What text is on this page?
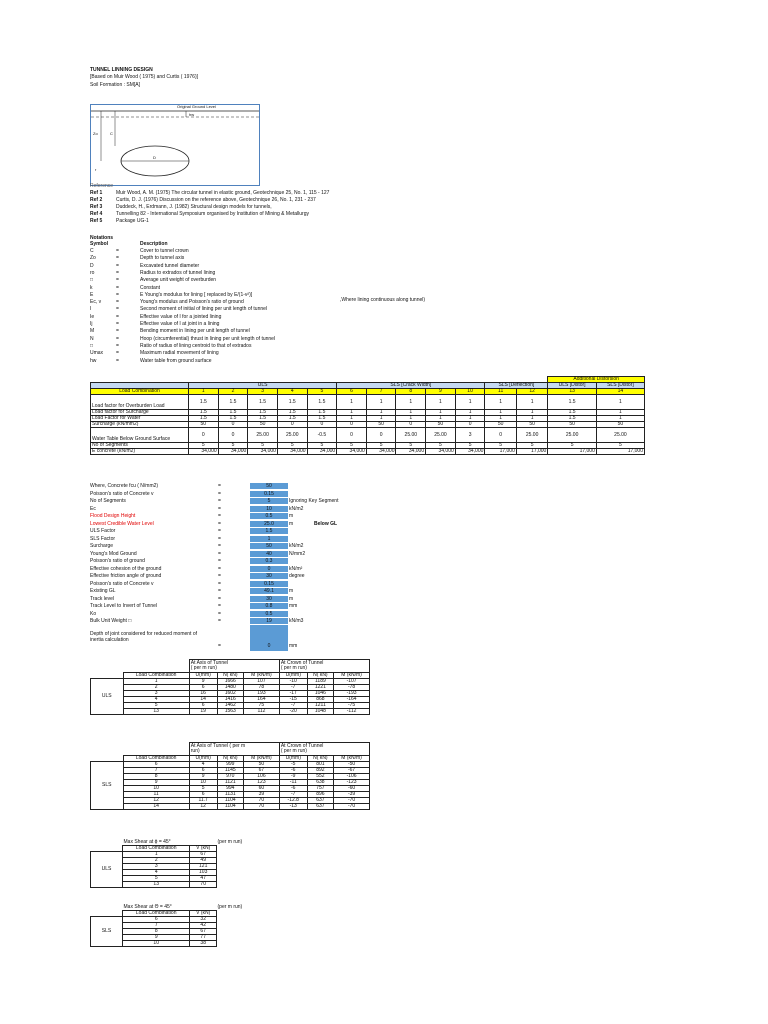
TUNNEL LINNING DESIGN
[Based on Muir Wood ( 1975) and Curtis ( 1976)]
Soil Formation : SM[A]
Original Ground Level
hw
Zo	C
D
r
Reference
Ref 1	Muir Wood, A. M. (1975) The circular tunnel in elastic ground, Geotechnique 25, No. 1, 115 - 127
Ref 2	Curtis, D. J. (1976) Discussion on the reference above, Geotechnique 26, No. 1, 231 - 237
Ref 3	Duddeck, H., Erdmann, J. (1982) Structural design models for tunnels,
Ref 4	Tunnelling 82 - International Symposium organised by Institution of Mining & Metallurgy
Ref 5	Package UG-1
Notations
Symbol	Description
C	=	Cover to tunnel crown
Zo	=	Depth to tunnel axis
D	=	Excavated tunnel diameter
ro	=	Radius to extrados of tunnel lining
□	=	Average unit weight of overburden
k	=	Constant
E	=	E Young's modulus for lining [ replaced by E/(1-v²)]
Ec, v	=	Young's modulus and Poisson's ratio of ground
I	=	Second moment of initial of lining per unit length of tunnel
Ie	=	Effective value of I for a jointed lining
Ij	=	Effective value of I at joint in a lining
M	=	Bending moment in lining per unit length of tunnel
N	=	Hoop (circumferential) thrust in lining per unit length of tunnel
□	=	Ratio of radius of lining centroid to that of extrados
Umax	=	Maximum radial movement of lining
hw	=	Water table from ground surface
,Where lining continuous along tunnel)
													Additional Distorsion	
	ULS					SLS [Crack Width]					SLS [Deflection]		ULS [Distor]	SLS [Distor]
Load Combination	1	2	3	4	5	6	7	8	9	10	11	12	13	14
Load factor for Overburden Load	1.5	1.5	1.5	1.5	1.5	1	1	1	1	1	1	1	1.5	1
Load factor for Surcharge	1.5	1.5	1.5	1.5	1.5	1	1	1	1	1	1	1	1.5	1
Load Factor for Water	1.5	1.5	1.5	1.5	1.5	1	1	1	1	1	1	1	1.5	1
Surcharge (kN/mm2)	50	0	50	0	0	0	50	0	50	0	50	50	50	50
Water Table Below Ground Surface	0	0	25.00	25.00	-0.5	0	0	25.00	25.00	3	0	25.00	25.00	25.00
No of Segments	5	5	5	5	5	5	5	5	5	5	5	5	5	5
E concrete (kN/m2)	34,000	34,000	34,000	34,000	34,000	34,000	34,000	34,000	34,000	34,000	17,000	17,000	17,000	17,000
Where, Concrete fcu ( N/mm2)	=	50
Poisson's ratio of Concrete v	=	0.15
No of Segments	=	5	Ignoring Key Segment
Ec	=	10	kN/m2
Flood Design Height	=	0.5	m
Lowest Credible Water Level	=	25.0	m
ULS Factor	=	1.5
SLS Factor	=	1
Surcharge	=	50	kN/m2
Young's Mod Ground	=	40	N/mm2
Poisson's ratio of ground	=	0.3
Effective cohesion of the ground	=	0	kN/m²
Effective friction angle of ground	=	30	degree
Poisson's ratio of Concrete v	=	0.15
Existing GL	=	49.1	m
Track level	=	30	m
Track Level to Invert of Tunnel	=	0.8	mm
Ko	=	0.5
Bulk Unit Weight □	=	19	kN/m3
Below GL
Depth of joint considered for reduced moment of
inertia calculation
=	0	mm
		At Axis of Tunnel
( per m run)			At Crown of Tunnel
( per m run)		
	Load Combination	U(mm)	N( kN)	M (kN/m)	U(mm)	N( kN)	M (kN/m)
ULS	1	9	1666	107	-10	1189	-107
	2	6	1480	78	-7	1221	-78
	3	16	1602	193	-17	1046	-193
	4	14	1416	164	-15	868	-164
	5	6	1462	75	-7	1211	-75
	13	19	1563	112	-20	1048	-112
		At Axis of Tunnel ( per m
run)			At Crown of Tunnel
( per m run)		
	Load Combination	U(mm)	N( kN)	M (kN/m)	U(mm)	N( kN)	M (kN/m)
SLS	6	4	999	50	-5	801	-50
	7	6	1145	67	-6	892	-67
	8	9	970	106	-9	552	-106
	9	10	1121	123	-11	638	-123
	10	5	994	60	-6	757	-60
	11	6	1131	39	-7	896	-39
	12	11.7	1104	70	-12.8	637	-70
	14	12	1104	70	-13	637	-70
	Max Shear at ϕ = 45°		(per m run)
	Load Combination	V (kN)	
ULS	1	67	
	2	49	
	3	121	
	4	103	
	5	47	
	13	70	
	Max Shear at Θ = 45°		(per m run)
	Load Combination	V (kN)	
SLS	6	32	
	7	42	
	8	67	
	9	77	
	10	38	
